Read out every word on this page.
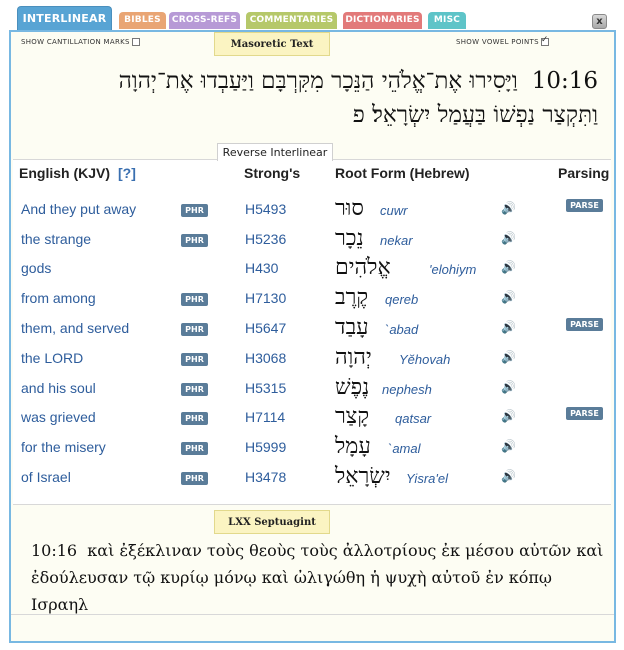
INTERLINEAR	BIBLES	CROSS-REFS	COMMENTARIES	DICTIONARIES	MISC	x
SHOW CANTILLATION MARKS	SHOW VOWEL POINTS✓
Masoretic Text
10:16וַיָּסִירוּ אֶת־אֱלֹהֵי הַנֵּכָר מִקִּרְבָּם וַיַּעַבְדוּ אֶת־יְהוָה
וַתִּקְצַר נַפְשׁוֹ בַּעֲמַל יִשְׂרָאֵל׃ פ
English (KJV) [?]	Strong's Root Form (Hebrew)	Parsing
And they put away	PHR	H5493 סוּר cuwr	🔊	PARSE
the strange	PHR	H5236 נֵכָר nekar	🔊
gods	H430	אֱלֹהִים	'elohiym 🔊
from among	PHR	H7130 קֶרֶב qereb	🔊
them, and served	PHR	H5647 עָבַד `abad	🔊	PARSE
the LORD	PHR	H3068 יְהוָה Yĕhovah	🔊
and his soul	PHR	H5315 נֶפֶשׁ nephesh	🔊
was grieved	PHR	H7114 קָצַר qatsar	🔊	PARSE
for the misery	PHR	H5999 עָמָל `amal	🔊
of Israel	PHR	H3478 יִשְׂרָאֵל Yisra'el	🔊
Reverse Interlinear
LXX Septuagint
10:16 καὶ ἐξέκλιναν τοὺς θεοὺς τοὺς ἀλλοτρίους ἐκ μέσου αὐτῶν καὶ ἐδούλευσαν τῷ κυρίῳ μόνῳ καὶ ὠλιγώθη ἡ ψυχὴ αὐτοῦ ἐν κόπῳ Ισραηλ
